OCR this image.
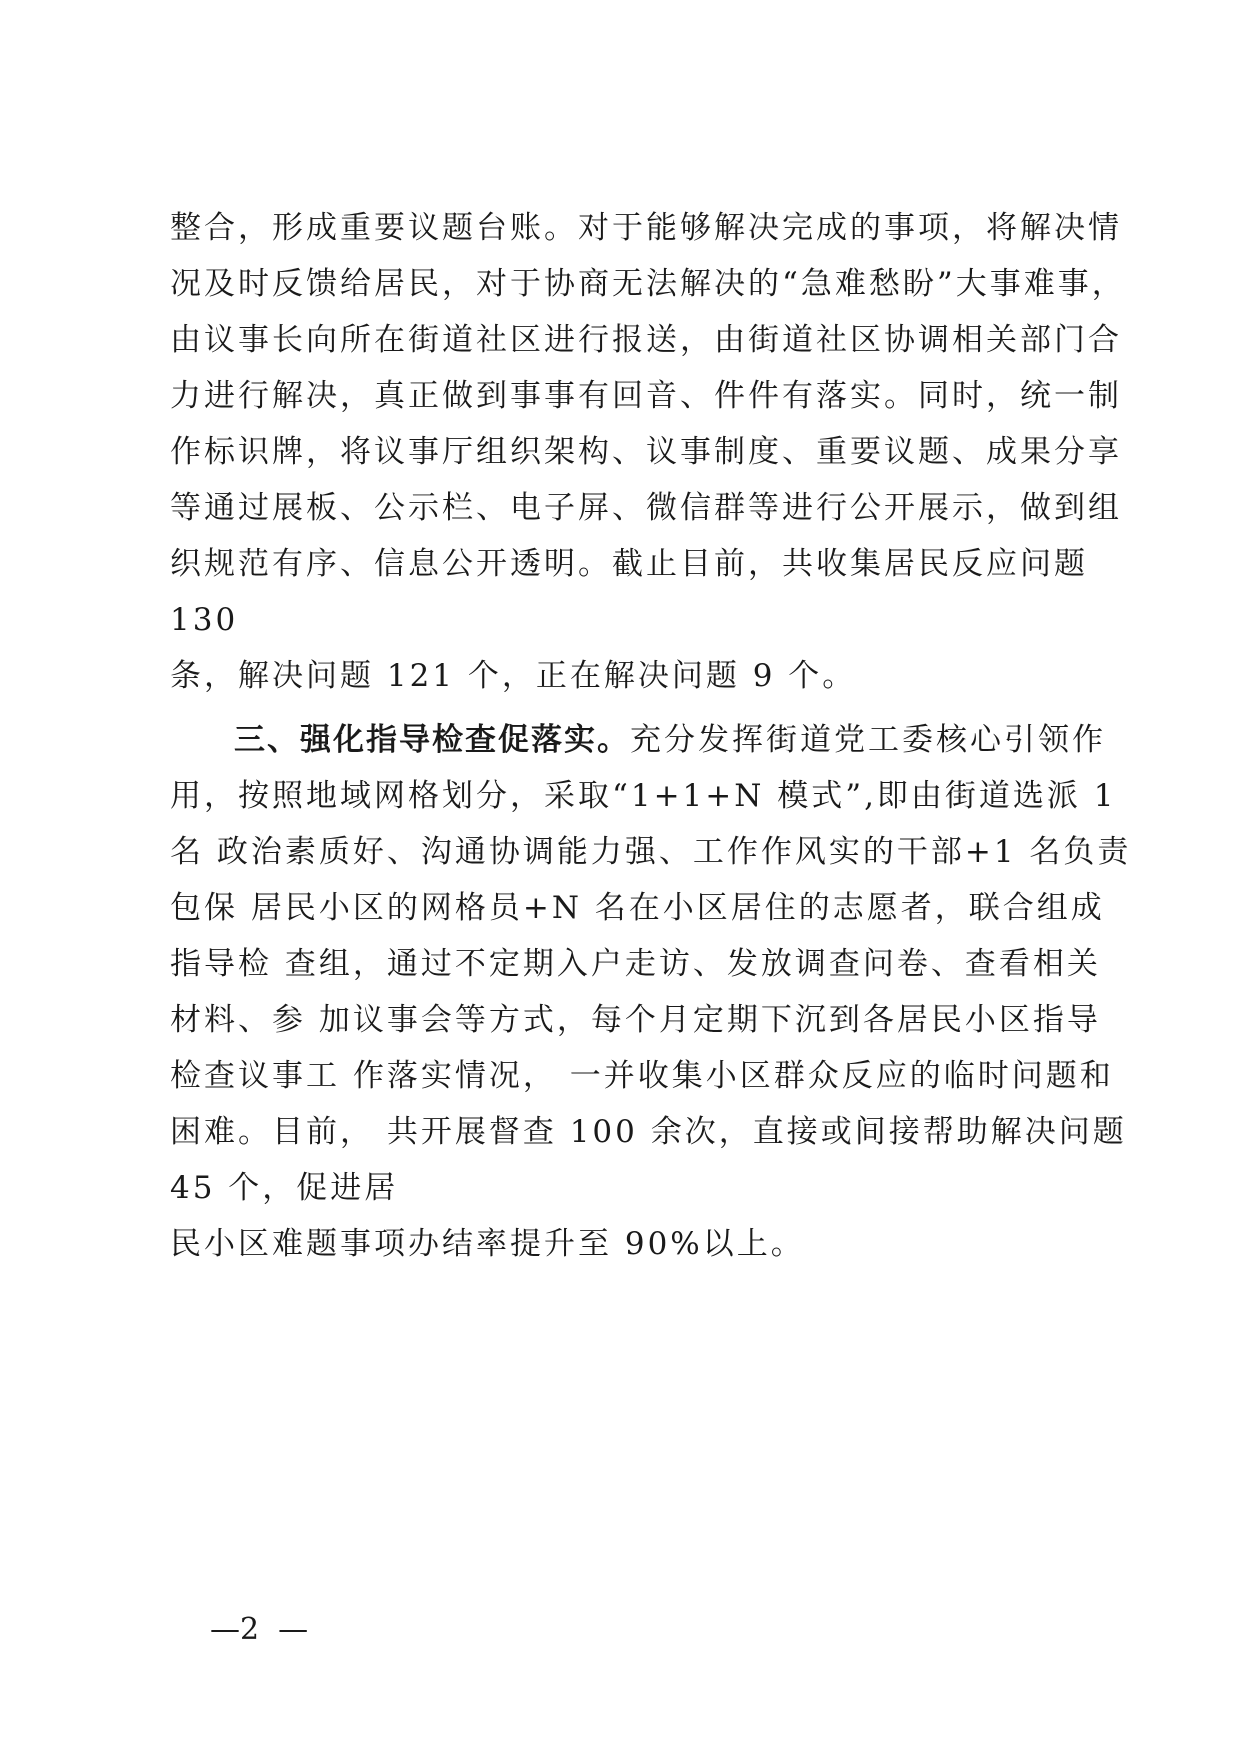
整合，形成重要议题台账。对于能够解决完成的事项，将解决情
况及时反馈给居民，对于协商无法解决的“急难愁盼”大事难事，
由议事长向所在街道社区进行报送，由街道社区协调相关部门合
力进行解决，真正做到事事有回音、件件有落实。同时，统一制
作标识牌，将议事厅组织架构、议事制度、重要议题、成果分享
等通过展板、公示栏、电子屏、微信群等进行公开展示，做到组
织规范有序、信息公开透明。截止目前，共收集居民反应问题
130
条，解决问题 121 个，正在解决问题 9 个。
三、强化指导检查促落实。充分发挥街道党工委核心引领作
用，按照地域网格划分，采取“1+1+N 模式”,即由街道选派 1
名 政治素质好、沟通协调能力强、工作作风实的干部+1 名负责
包保 居民小区的网格员+N 名在小区居住的志愿者，联合组成
指导检 查组，通过不定期入户走访、发放调查问卷、查看相关
材料、参 加议事会等方式，每个月定期下沉到各居民小区指导
检查议事工 作落实情况， 一并收集小区群众反应的临时问题和
困难。目前， 共开展督查 100 余次，直接或间接帮助解决问题
45 个，促进居
民小区难题事项办结率提升至 90%以上。
—2  —
